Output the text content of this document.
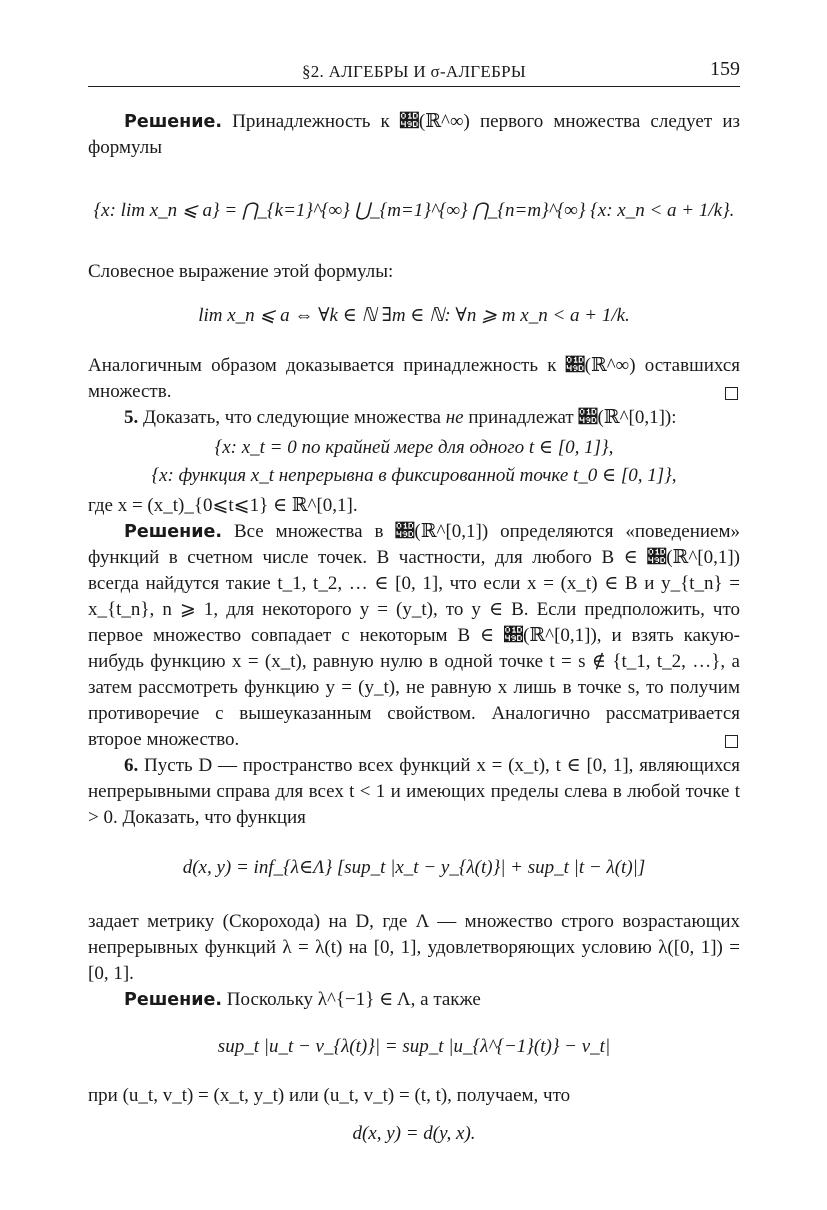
§2. АЛГЕБРЫ И σ-АЛГЕБРЫ	159

Решение. Принадлежность к 𝒝(ℝ^∞) первого множества следует из формулы

{x: lim x_n ⩽ a} = ⋂_{k=1}^{∞} ⋃_{m=1}^{∞} ⋂_{n=m}^{∞} {x: x_n < a + 1/k}.

Словесное выражение этой формулы:

lim x_n ⩽ a ⇔ ∀k ∈ ℕ ∃m ∈ ℕ: ∀n ⩾ m x_n < a + 1/k.

Аналогичным образом доказывается принадлежность к 𝒝(ℝ^∞) оставшихся множеств.

5. Доказать, что следующие множества не принадлежат 𝒝(ℝ^[0,1]):

{x: x_t = 0 по крайней мере для одного t ∈ [0, 1]},
{x: функция x_t непрерывна в фиксированной точке t_0 ∈ [0, 1]},

где x = (x_t)_{0⩽t⩽1} ∈ ℝ^[0,1].

Решение. Все множества в 𝒝(ℝ^[0,1]) определяются «поведением» функций в счетном числе точек. В частности, для любого B ∈ 𝒝(ℝ^[0,1]) всегда найдутся такие t_1, t_2, … ∈ [0, 1], что если x = (x_t) ∈ B и y_{t_n} = x_{t_n}, n ⩾ 1, для некоторого y = (y_t), то y ∈ B. Если предположить, что первое множество совпадает с некоторым B ∈ 𝒝(ℝ^[0,1]), и взять какую-нибудь функцию x = (x_t), равную нулю в одной точке t = s ∉ {t_1, t_2, …}, а затем рассмотреть функцию y = (y_t), не равную x лишь в точке s, то получим противоречие с вышеуказанным свойством. Аналогично рассматривается второе множество.

6. Пусть D — пространство всех функций x = (x_t), t ∈ [0, 1], являющихся непрерывными справа для всех t < 1 и имеющих пределы слева в любой точке t > 0. Доказать, что функция

d(x, y) = inf_{λ∈Λ} [sup_t |x_t − y_{λ(t)}| + sup_t |t − λ(t)|]

задает метрику (Скорохода) на D, где Λ — множество строго возрастающих непрерывных функций λ = λ(t) на [0, 1], удовлетворяющих условию λ([0, 1]) = [0, 1].

Решение. Поскольку λ^{−1} ∈ Λ, а также

sup_t |u_t − v_{λ(t)}| = sup_t |u_{λ^{−1}(t)} − v_t|

при (u_t, v_t) = (x_t, y_t) или (u_t, v_t) = (t, t), получаем, что

d(x, y) = d(y, x).
